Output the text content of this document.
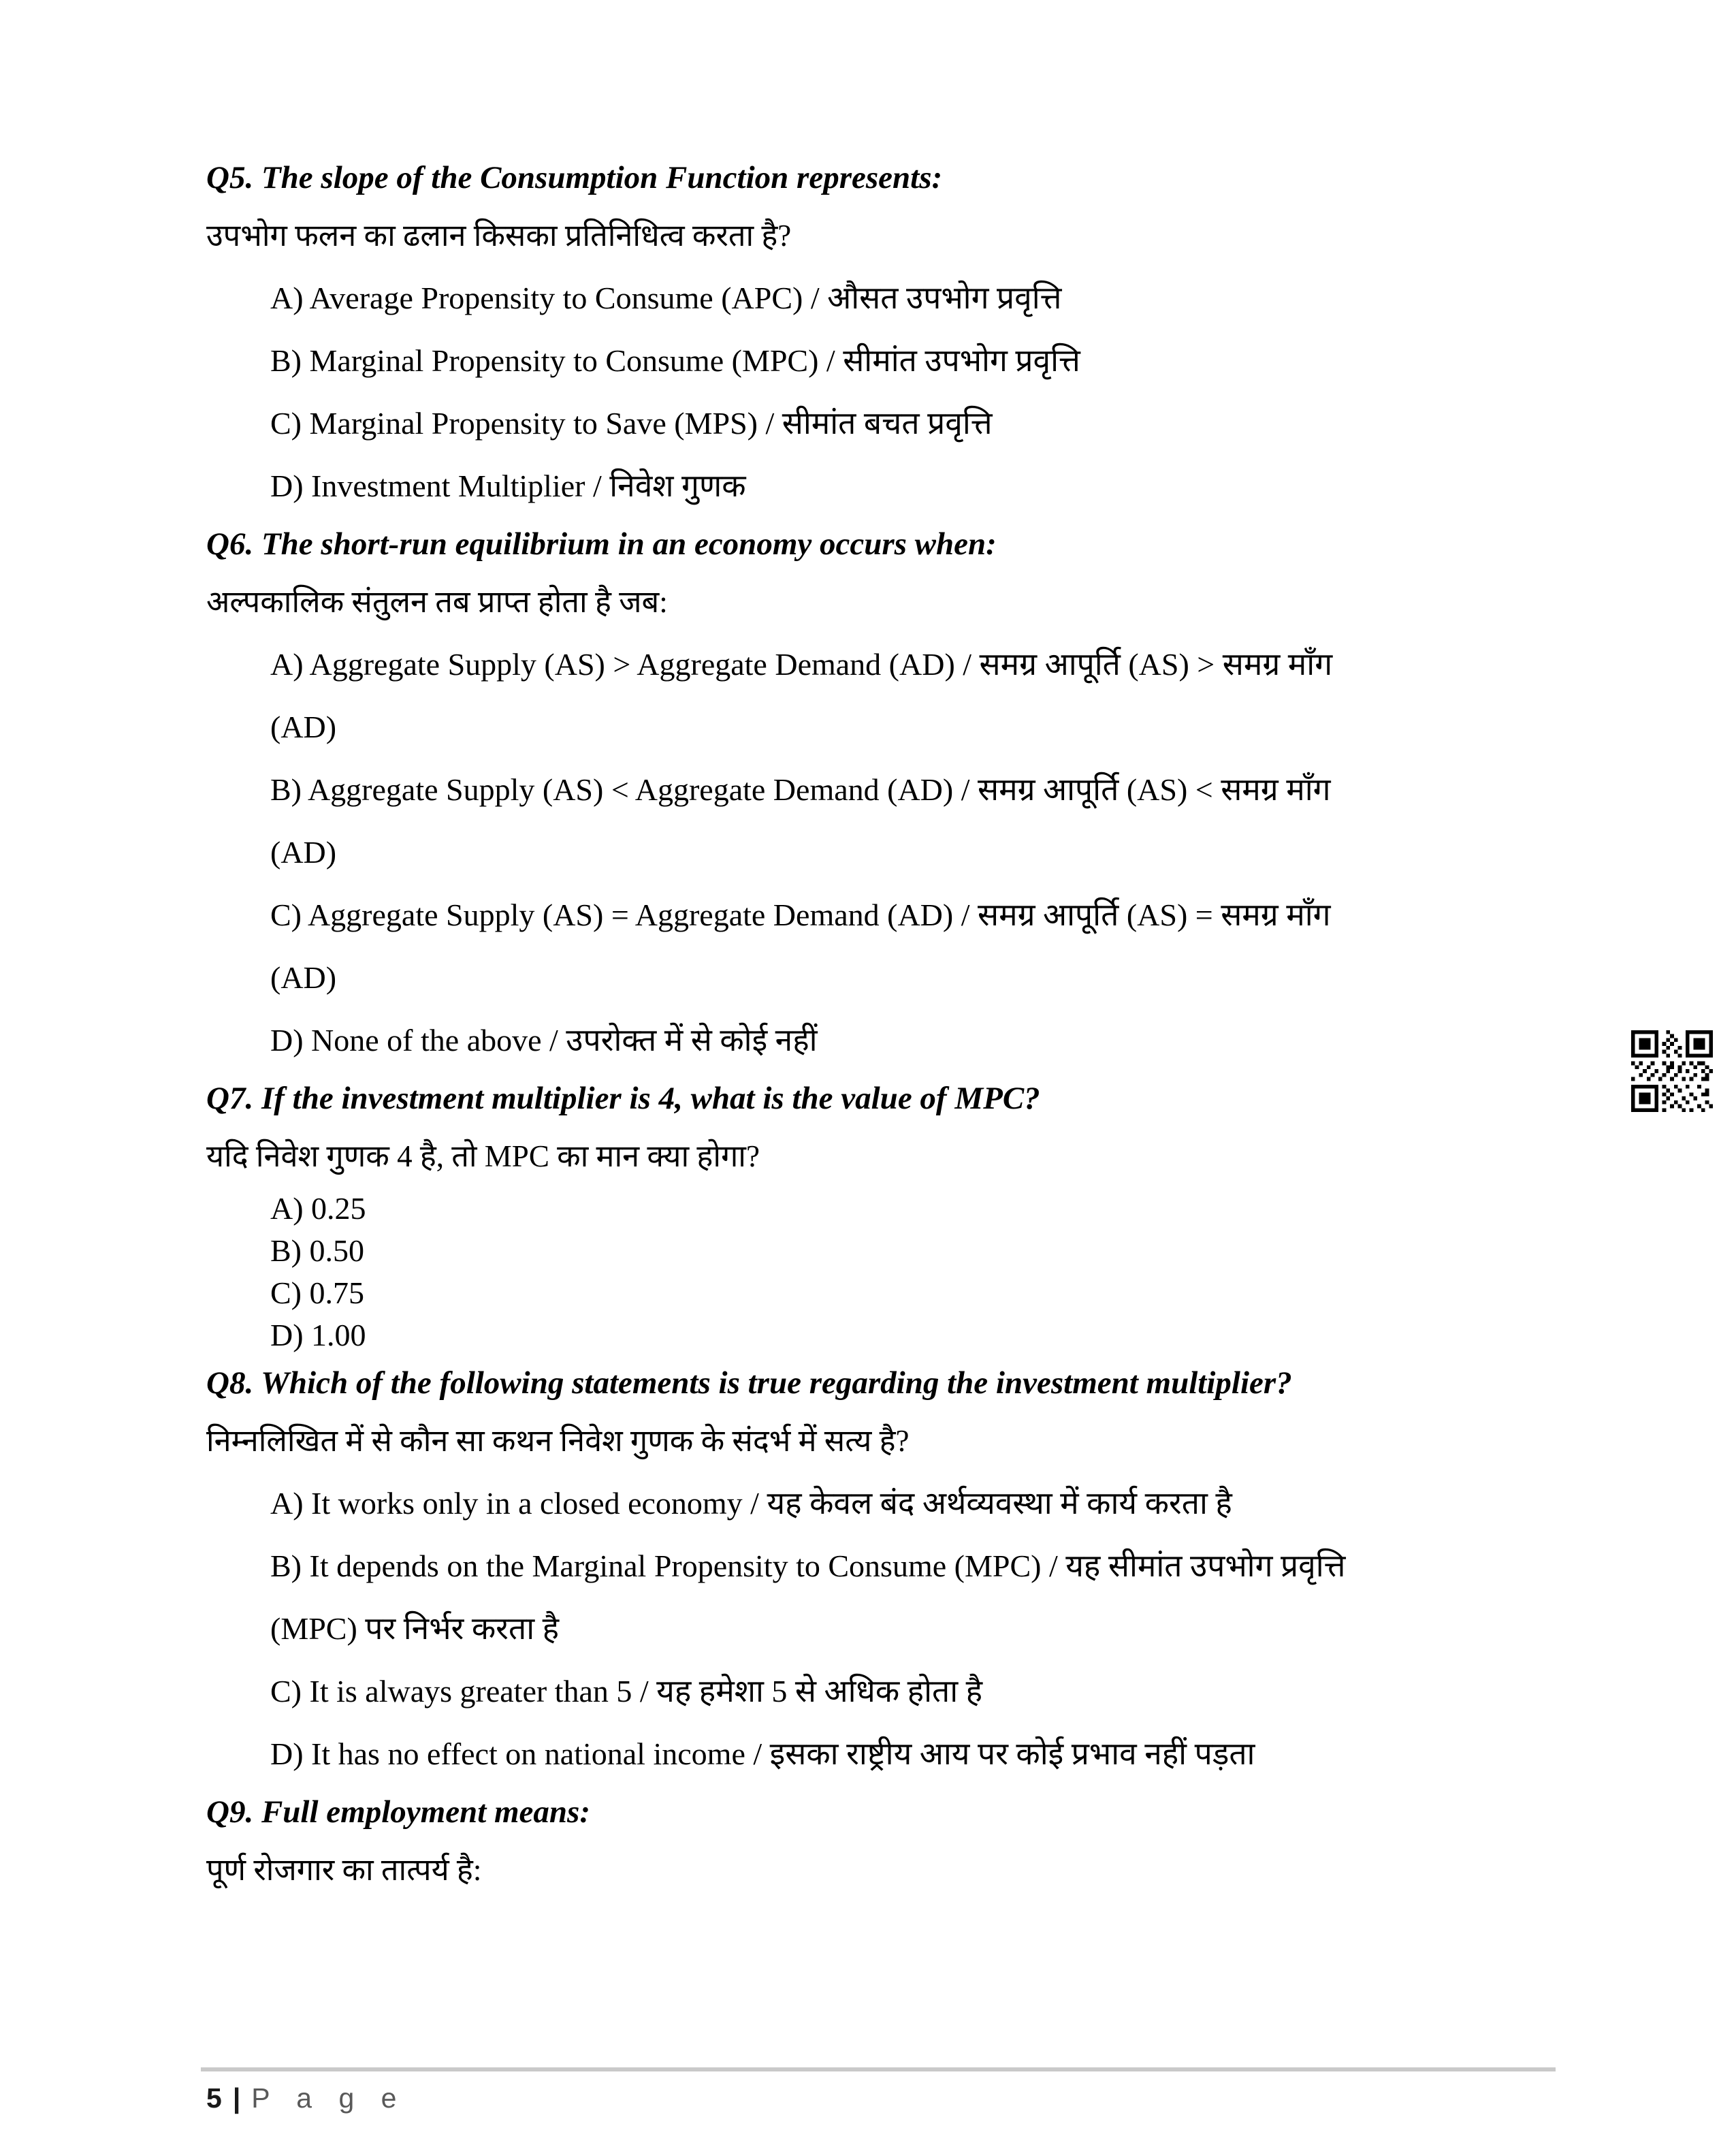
Q5. The slope of the Consumption Function represents:

उपभोग फलन का ढलान किसका प्रतिनिधित्व करता है?

A) Average Propensity to Consume (APC) / औसत उपभोग प्रवृत्ति

B) Marginal Propensity to Consume (MPC) / सीमांत उपभोग प्रवृत्ति

C) Marginal Propensity to Save (MPS) / सीमांत बचत प्रवृत्ति

D) Investment Multiplier / निवेश गुणक

Q6. The short-run equilibrium in an economy occurs when:

अल्पकालिक संतुलन तब प्राप्त होता है जब:

A) Aggregate Supply (AS) > Aggregate Demand (AD) / समग्र आपूर्ति (AS) > समग्र माँग

(AD)

B) Aggregate Supply (AS) < Aggregate Demand (AD) / समग्र आपूर्ति (AS) < समग्र माँग

(AD)

C) Aggregate Supply (AS) = Aggregate Demand (AD) / समग्र आपूर्ति (AS) = समग्र माँग

(AD)

D) None of the above / उपरोक्त में से कोई नहीं

Q7. If the investment multiplier is 4, what is the value of MPC?

यदि निवेश गुणक 4 है, तो MPC का मान क्या होगा?

A) 0.25

B) 0.50

C) 0.75

D) 1.00

Q8. Which of the following statements is true regarding the investment multiplier?

निम्नलिखित में से कौन सा कथन निवेश गुणक के संदर्भ में सत्य है?

A) It works only in a closed economy / यह केवल बंद अर्थव्यवस्था में कार्य करता है

B) It depends on the Marginal Propensity to Consume (MPC) / यह सीमांत उपभोग प्रवृत्ति

(MPC) पर निर्भर करता है

C) It is always greater than 5 / यह हमेशा 5 से अधिक होता है

D) It has no effect on national income / इसका राष्ट्रीय आय पर कोई प्रभाव नहीं पड़ता

Q9. Full employment means:

पूर्ण रोजगार का तात्पर्य है:

5 | P a g e
